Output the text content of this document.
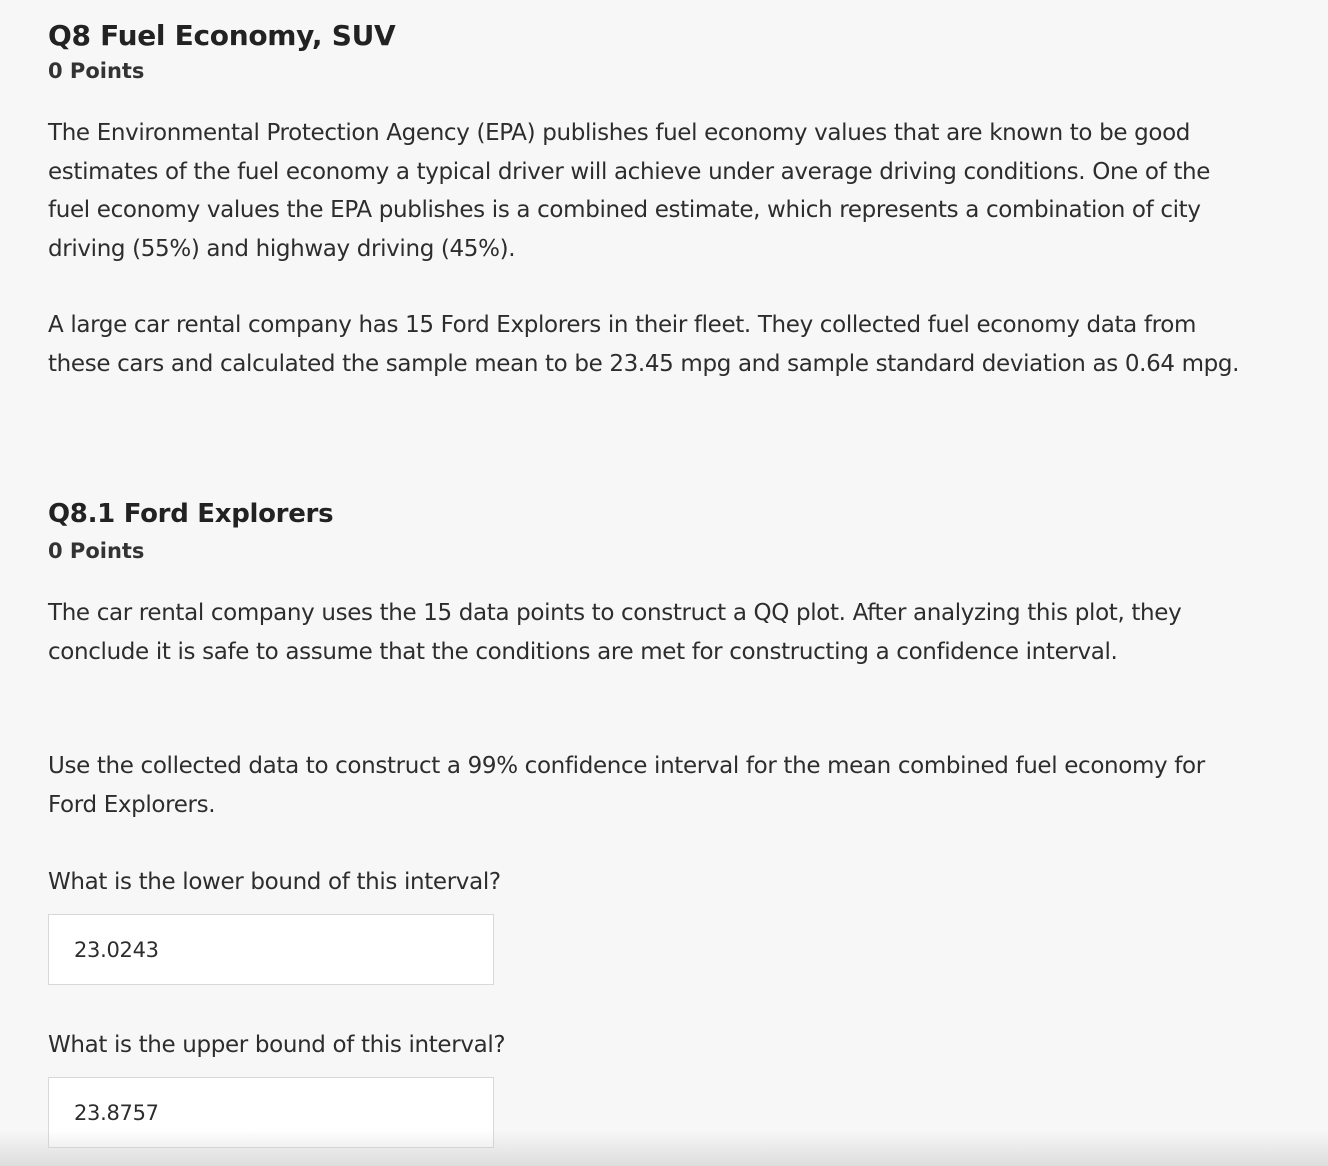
Q8 Fuel Economy, SUV
0 Points

The Environmental Protection Agency (EPA) publishes fuel economy values that are known to be good estimates of the fuel economy a typical driver will achieve under average driving conditions. One of the fuel economy values the EPA publishes is a combined estimate, which represents a combination of city driving (55%) and highway driving (45%).

A large car rental company has 15 Ford Explorers in their fleet. They collected fuel economy data from these cars and calculated the sample mean to be 23.45 mpg and sample standard deviation as 0.64 mpg.

Q8.1 Ford Explorers
0 Points

The car rental company uses the 15 data points to construct a QQ plot. After analyzing this plot, they conclude it is safe to assume that the conditions are met for constructing a confidence interval.

Use the collected data to construct a 99% confidence interval for the mean combined fuel economy for Ford Explorers.

What is the lower bound of this interval?

23.0243

What is the upper bound of this interval?

23.8757
